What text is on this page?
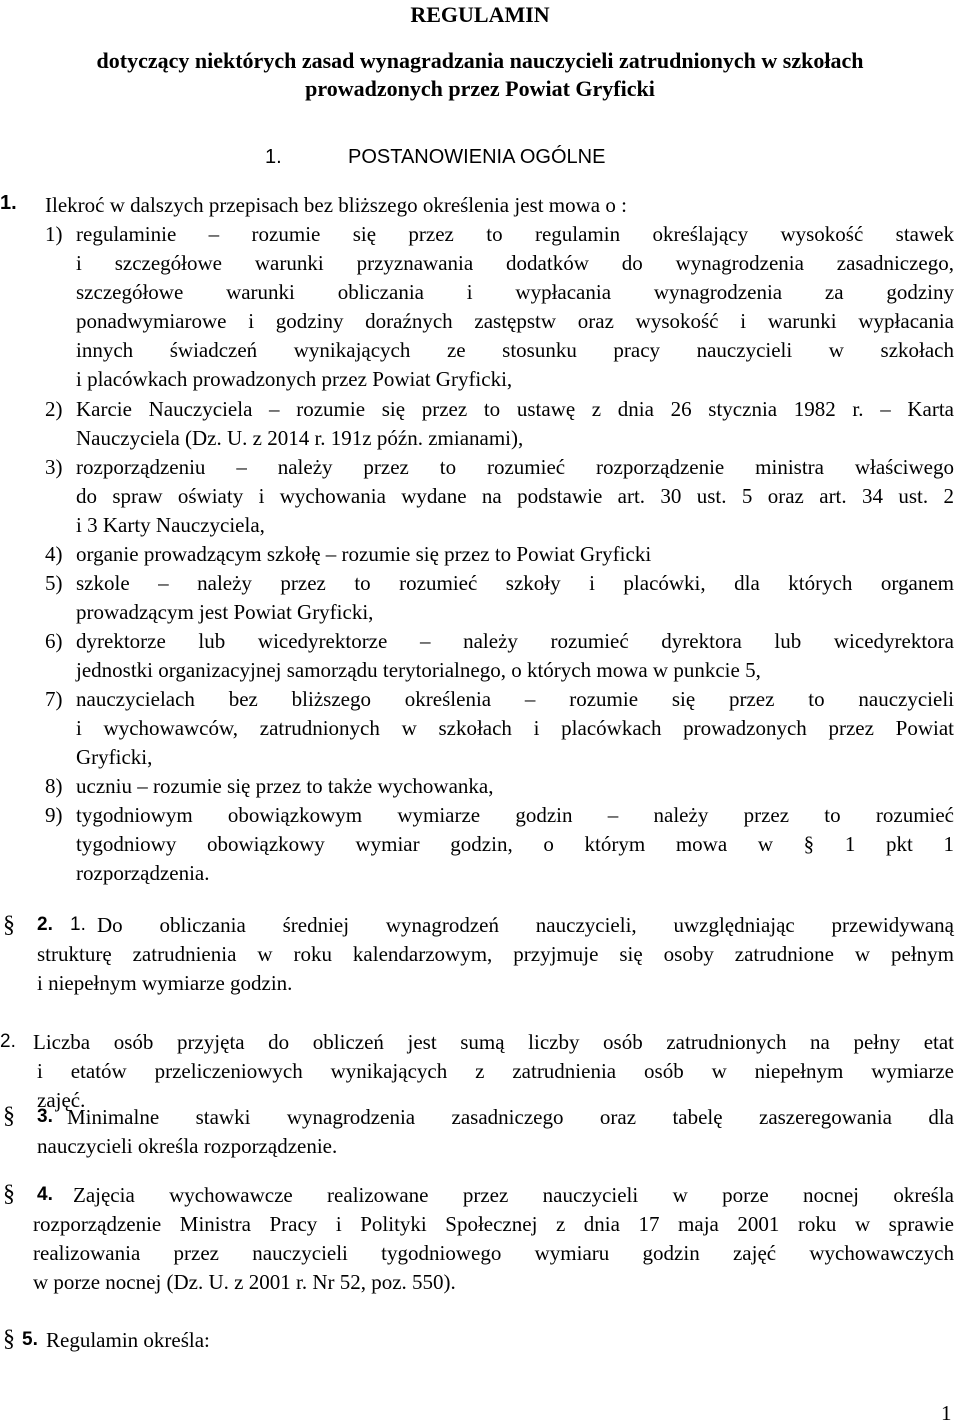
REGULAMIN
dotyczący niektórych zasad wynagradzania nauczycieli zatrudnionych w szkołach
prowadzonych przez Powiat Gryficki
1.	POSTANOWIENIA OGÓLNE
1. Ilekroć w dalszych przepisach bez bliższego określenia jest mowa o :
1) regulaminie – rozumie się przez to regulamin określający wysokość stawek
i szczegółowe warunki przyznawania dodatków do wynagrodzenia zasadniczego,
szczegółowe warunki obliczania i wypłacania wynagrodzenia za godziny
ponadwymiarowe i godziny doraźnych zastępstw oraz wysokość i warunki wypłacania
innych świadczeń wynikających ze stosunku pracy nauczycieli w szkołach
i placówkach prowadzonych przez Powiat Gryficki,
2) Karcie Nauczyciela – rozumie się przez to ustawę z dnia 26 stycznia 1982 r. – Karta
Nauczyciela (Dz. U. z 2014 r. 191z późn. zmianami),
3) rozporządzeniu – należy przez to rozumieć rozporządzenie ministra właściwego
do spraw oświaty i wychowania wydane na podstawie art. 30 ust. 5 oraz art. 34 ust. 2
i 3 Karty Nauczyciela,
4) organie prowadzącym szkołę – rozumie się przez to Powiat Gryficki
5) szkole – należy przez to rozumieć szkoły i placówki, dla których organem
prowadzącym jest Powiat Gryficki,
6) dyrektorze lub wicedyrektorze – należy rozumieć dyrektora lub wicedyrektora
jednostki organizacyjnej samorządu terytorialnego, o których mowa w punkcie 5,
7) nauczycielach bez bliższego określenia – rozumie się przez to nauczycieli
i wychowawców, zatrudnionych w szkołach i placówkach prowadzonych przez Powiat
Gryficki,
8) uczniu – rozumie się przez to także wychowanka,
9) tygodniowym obowiązkowym wymiarze godzin – należy przez to rozumieć
tygodniowy obowiązkowy wymiar godzin, o którym mowa w § 1 pkt 1
rozporządzenia.
§ 2. 1. Do obliczania średniej wynagrodzeń nauczycieli, uwzględniając przewidywaną
strukturę zatrudnienia w roku kalendarzowym, przyjmuje się osoby zatrudnione w pełnym
i niepełnym wymiarze godzin.
2. Liczba osób przyjęta do obliczeń jest sumą liczby osób zatrudnionych na pełny etat
i etatów przeliczeniowych wynikających z zatrudnienia osób w niepełnym wymiarze
zajęć.
§ 3. Minimalne stawki wynagrodzenia zasadniczego oraz tabelę zaszeregowania dla
nauczycieli określa rozporządzenie.
§ 4. Zajęcia wychowawcze realizowane przez nauczycieli w porze nocnej określa
rozporządzenie Ministra Pracy i Polityki Społecznej z dnia 17 maja 2001 roku w sprawie
realizowania przez nauczycieli tygodniowego wymiaru godzin zajęć wychowawczych
w porze nocnej (Dz. U. z 2001 r. Nr 52, poz. 550).
§ 5. Regulamin określa:
1
